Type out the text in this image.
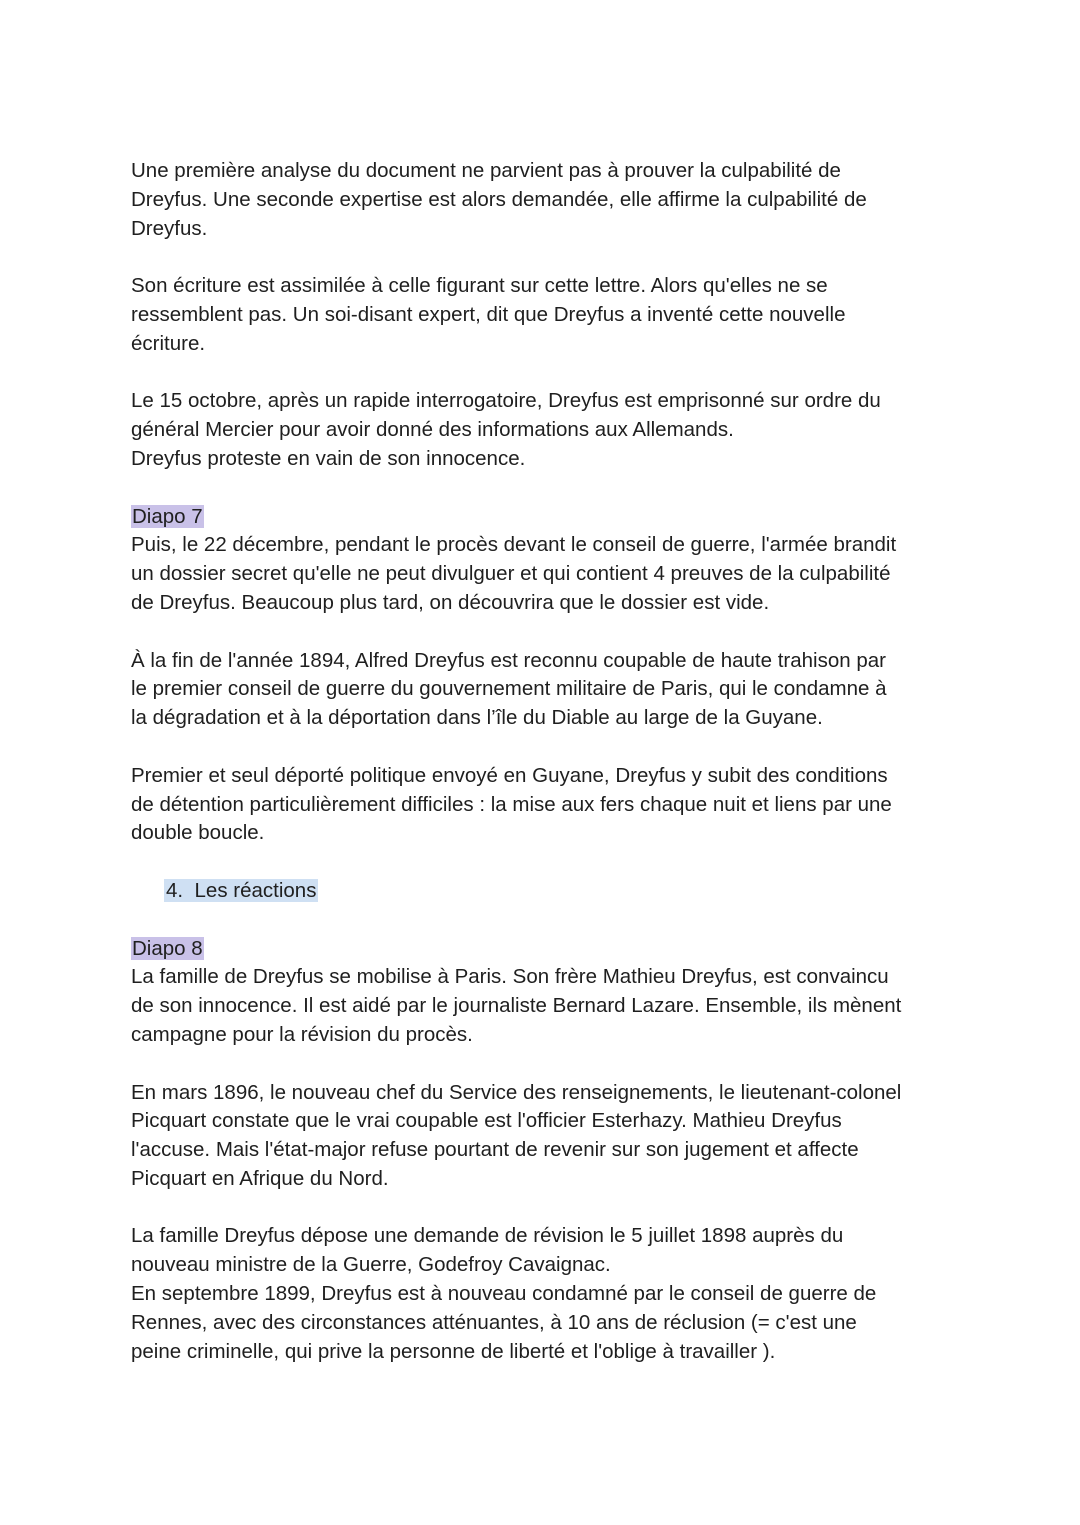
Une première analyse du document ne parvient pas à prouver la culpabilité de
Dreyfus. Une seconde expertise est alors demandée, elle affirme la culpabilité de
Dreyfus.

Son écriture est assimilée à celle figurant sur cette lettre. Alors qu'elles ne se
ressemblent pas. Un soi-disant expert, dit que Dreyfus a inventé cette nouvelle
écriture.

Le 15 octobre, après un rapide interrogatoire, Dreyfus est emprisonné sur ordre du
général Mercier pour avoir donné des informations aux Allemands.
Dreyfus proteste en vain de son innocence.

Diapo 7
Puis, le 22 décembre, pendant le procès devant le conseil de guerre, l'armée brandit
un dossier secret qu'elle ne peut divulguer et qui contient 4 preuves de la culpabilité
de Dreyfus. Beaucoup plus tard, on découvrira que le dossier est vide.

À la fin de l'année 1894, Alfred Dreyfus est reconnu coupable de haute trahison par
le premier conseil de guerre du gouvernement militaire de Paris, qui le condamne à
la dégradation et à la déportation dans l’île du Diable au large de la Guyane.

Premier et seul déporté politique envoyé en Guyane, Dreyfus y subit des conditions
de détention particulièrement difficiles : la mise aux fers chaque nuit et liens par une
double boucle.

4. Les réactions

Diapo 8
La famille de Dreyfus se mobilise à Paris. Son frère Mathieu Dreyfus, est convaincu
de son innocence. Il est aidé par le journaliste Bernard Lazare. Ensemble, ils mènent
campagne pour la révision du procès.

En mars 1896, le nouveau chef du Service des renseignements, le lieutenant-colonel
Picquart constate que le vrai coupable est l'officier Esterhazy. Mathieu Dreyfus
l'accuse. Mais l'état-major refuse pourtant de revenir sur son jugement et affecte
Picquart en Afrique du Nord.

La famille Dreyfus dépose une demande de révision le 5 juillet 1898 auprès du
nouveau ministre de la Guerre, Godefroy Cavaignac.
En septembre 1899, Dreyfus est à nouveau condamné par le conseil de guerre de
Rennes, avec des circonstances atténuantes, à 10 ans de réclusion (= c'est une
peine criminelle, qui prive la personne de liberté et l'oblige à travailler ).
